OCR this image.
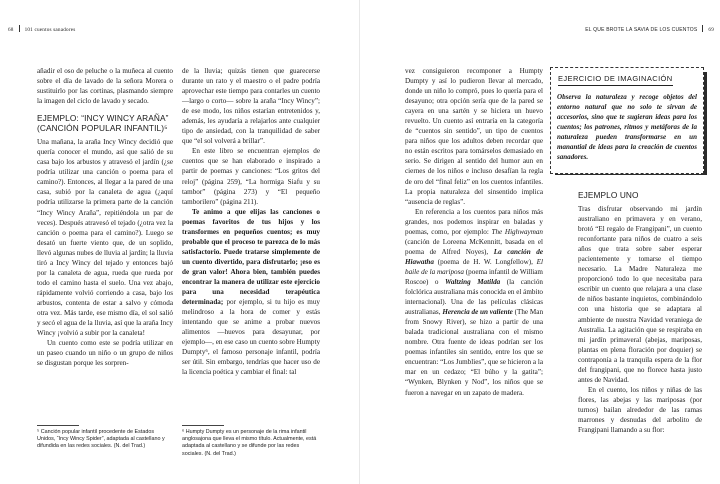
68 101 cuentos sanadores

añadir el oso de peluche o la muñeca al cuento sobre el día de lavado de la señora Morera o sustituirlo por las cortinas, plasmando siempre la imagen del ciclo de lavado y secado.

EJEMPLO: “INCY WINCY ARAÑA” (CANCIÓN POPULAR INFANTIL)⁵

Una mañana, la araña Incy Wincy decidió que quería conocer el mundo, así que salió de su casa bajo los arbustos y atravesó el jardín (¿se podría utilizar una canción o poema para el camino?). Entonces, al llegar a la pared de una casa, subió por la canaleta de agua (¿aquí podría utilizarse la primera parte de la canción “Incy Wincy Araña”, repitiéndola un par de veces). Después atravesó el tejado (¿otra vez la canción o poema para el camino?). Luego se desató un fuerte viento que, de un soplido, llevó algunas nubes de lluvia al jardín; la lluvia tiró a Incy Wincy del tejado y entonces bajó por la canaleta de agua, rueda que rueda por todo el camino hasta el suelo. Una vez abajo, rápidamente volvió corriendo a casa, bajo los arbustos, contenta de estar a salvo y cómoda otra vez. Más tarde, ese mismo día, el sol salió y secó el agua de la lluvia, así que la araña Incy Wincy ¡volvió a subir por la canaleta!

Un cuento como este se podría utilizar en un paseo cuando un niño o un grupo de niños se disgustan porque les sorpren-

de la lluvia; quizás tienen que guarecerse durante un rato y el maestro o el padre podría aprovechar este tiempo para contarles un cuento —largo o corto— sobre la araña “Incy Wincy”; de ese modo, los niños estarían entretenidos y, además, les ayudaría a relajarlos ante cualquier tipo de ansiedad, con la tranquilidad de saber que “el sol volverá a brillar”.

En este libro se encuentran ejemplos de cuentos que se han elaborado e inspirado a partir de poemas y canciones: “Los gritos del reloj” (página 259), “La hormiga Siafu y su tambor” (página 273) y “El pequeño tamborilero” (página 211).

Te animo a que elijas las canciones o poemas favoritos de tus hijos y los transformes en pequeños cuentos; es muy probable que el proceso te parezca de lo más satisfactorio. Puede tratarse simplemente de un cuento divertido, para disfrutarlo; ¡eso es de gran valor! Ahora bien, también puedes encontrar la manera de utilizar este ejercicio para una necesidad terapéutica determinada; por ejemplo, si tu hijo es muy melindroso a la hora de comer y estás intentando que se anime a probar nuevos alimentos —huevos para desayunar, por ejemplo—, en ese caso un cuento sobre Humpty Dumpty⁶, el famoso personaje infantil, podría ser útil. Sin embargo, tendrías que hacer uso de la licencia poética y cambiar el final: tal

⁵ Canción popular infantil procedente de Estados Unidos, “Incy Wincy Spider”, adaptada al castellano y difundida en las redes sociales. (N. del Trad.)
⁶ Humpty Dumpty es un personaje de la rima infantil anglosajona que lleva el mismo título. Actualmente, está adaptada al castellano y se difunde por las redes sociales. (N. del Trad.)
EL QUE BROTE LA SAVIA DE LOS CUENTOS 69

vez consiguieron recomponer a Humpty Dumpty y así lo pudieron llevar al mercado, donde un niño lo compró, pues lo quería para el desayuno; otra opción sería que de la pared se cayera en una sartén y se hiciera un huevo revuelto. Un cuento así entraría en la categoría de “cuentos sin sentido”, un tipo de cuentos para niños que los adultos deben recordar que no están escritos para tomárselos demasiado en serio. Se dirigen al sentido del humor aun en ciernes de los niños e incluso desafían la regla de oro del “final feliz” en los cuentos infantiles. La propia naturaleza del sinsentido implica “ausencia de reglas”.

En referencia a los cuentos para niños más grandes, nos podemos inspirar en baladas y poemas, como, por ejemplo: The Highwayman (canción de Loreena McKennitt, basada en el poema de Alfred Noyes), La canción de Hiawatha (poema de H. W. Longfellow), El baile de la mariposa (poema infantil de William Roscoe) o Waltzing Matilda (la canción folclórica australiana más conocida en el ámbito internacional). Una de las películas clásicas australianas, Herencia de un valiente (The Man from Snowy River), se hizo a partir de una balada tradicional australiana con el mismo nombre. Otra fuente de ideas podrían ser los poemas infantiles sin sentido, entre los que se encuentran: “Los Jumblies”, que se hicieron a la mar en un cedazo; “El búho y la gatita”; “Wynken, Blynken y Nod”, los niños que se fueron a navegar en un zapato de madera.

EJERCICIO DE IMAGINACIÓN
Observa la naturaleza y recoge objetos del entorno natural que no solo te sirvan de accesorios, sino que te sugieran ideas para los cuentos; los patrones, ritmos y metáforas de la naturaleza pueden transformarse en un manantial de ideas para la creación de cuentos sanadores.
EJEMPLO UNO

Tras disfrutar observando mi jardín australiano en primavera y en verano, brotó “El regalo de Frangipani”, un cuento reconfortante para niños de cuatro a seis años que trata sobre saber esperar pacientemente y tomarse el tiempo necesario. La Madre Naturaleza me proporcionó todo lo que necesitaba para escribir un cuento que relajara a una clase de niños bastante inquietos, combinándolo con una historia que se adaptara al ambiente de nuestra Navidad veraniega de Australia. La agitación que se respiraba en mi jardín primaveral (abejas, mariposas, plantas en plena floración por doquier) se contraponía a la tranquila espera de la flor del frangipani, que no florece hasta justo antes de Navidad.

En el cuento, los niños y niñas de las flores, las abejas y las mariposas (por turnos) bailan alrededor de las ramas marrones y desnudas del arbolito de Frangipani llamando a su flor:
